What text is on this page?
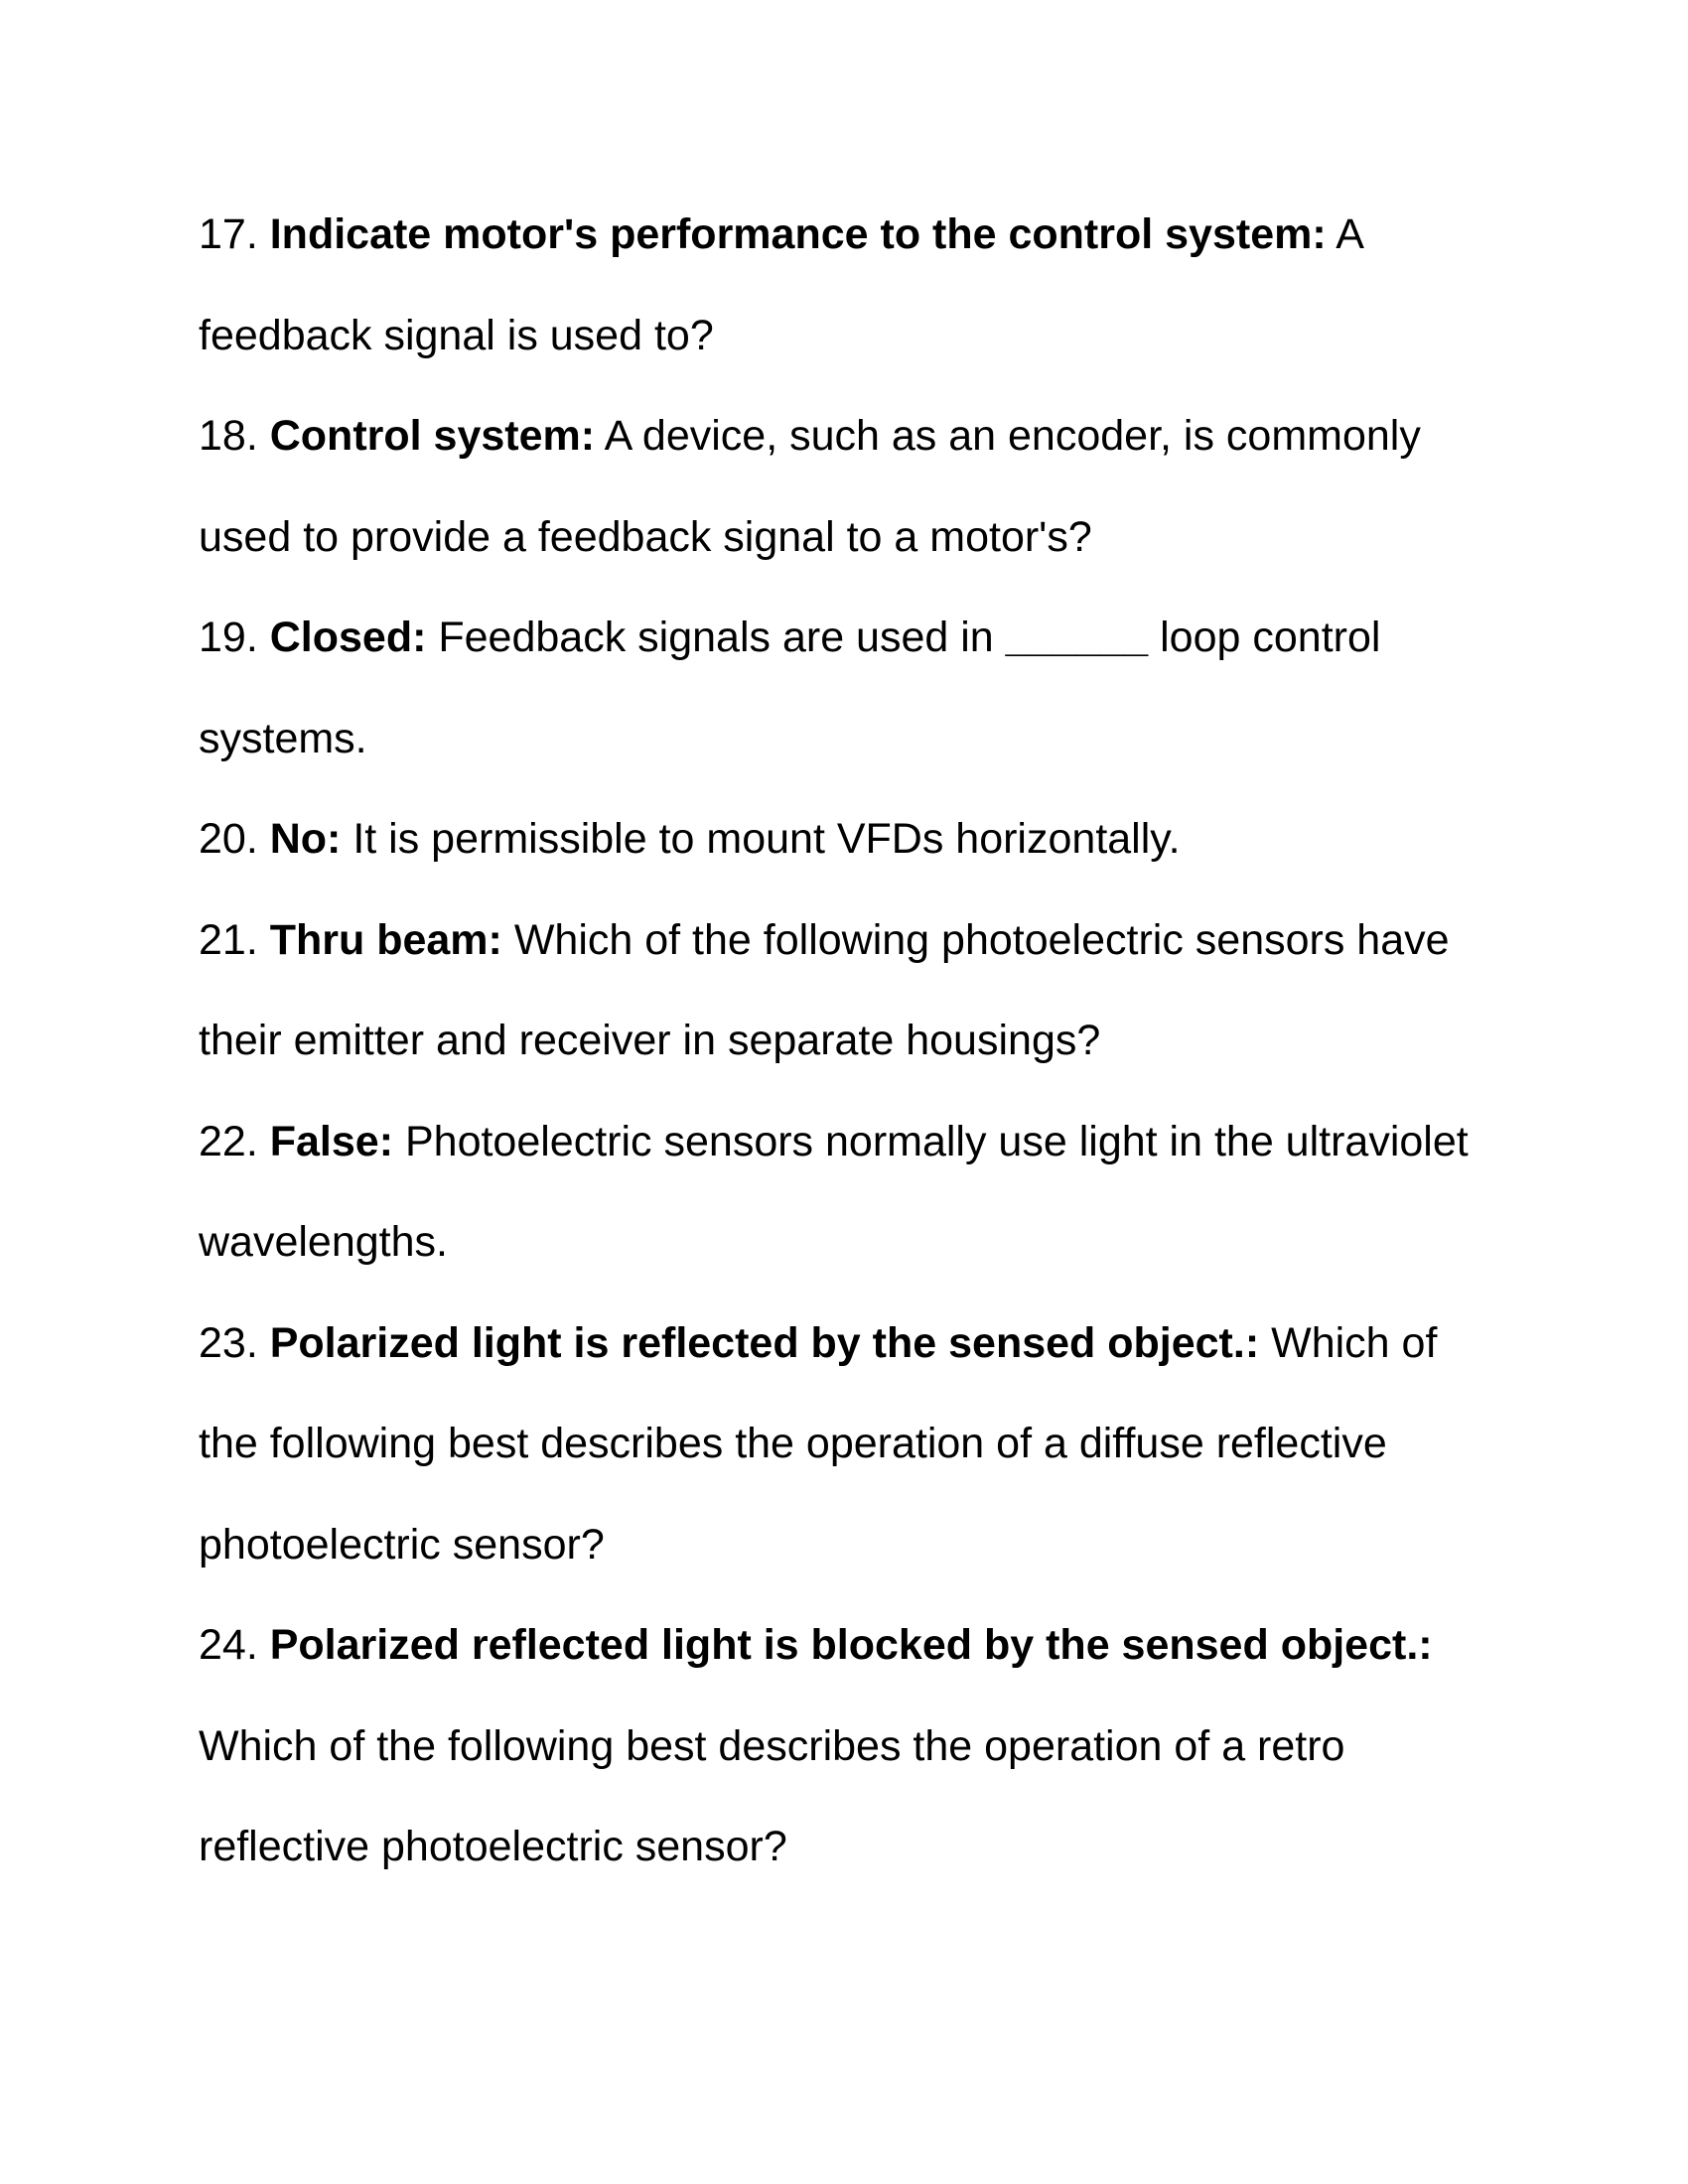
17. Indicate motor's performance to the control system: A feedback signal is used to?

18. Control system: A device, such as an encoder, is commonly used to provide a feedback signal to a motor's?

19. Closed: Feedback signals are used in ______ loop control systems.

20. No: It is permissible to mount VFDs horizontally.

21. Thru beam: Which of the following photoelectric sensors have their emitter and receiver in separate housings?

22. False: Photoelectric sensors normally use light in the ultraviolet wavelengths.

23. Polarized light is reflected by the sensed object.: Which of the following best describes the operation of a diffuse reflective photoelectric sensor?

24. Polarized reflected light is blocked by the sensed object.: Which of the following best describes the operation of a retro reflective photoelectric sensor?
